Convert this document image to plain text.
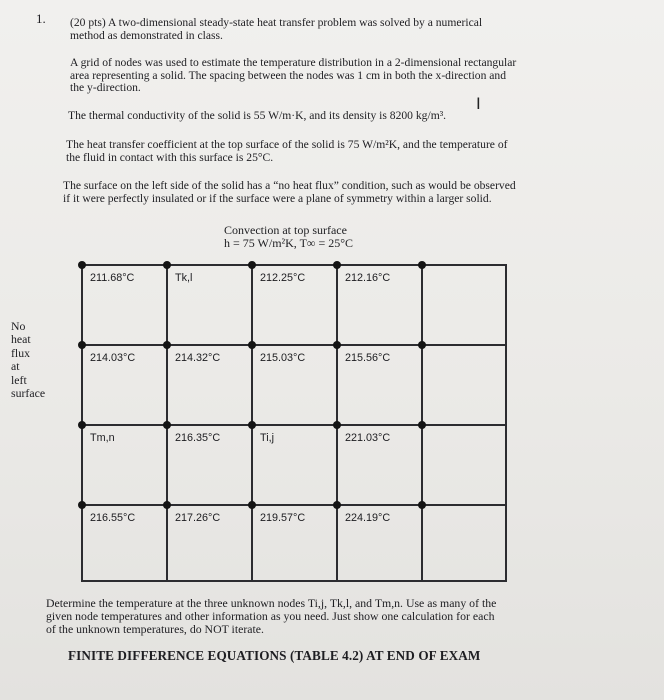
1. (20 pts) A two-dimensional steady-state heat transfer problem was solved by a numerical
method as demonstrated in class.
A grid of nodes was used to estimate the temperature distribution in a 2-dimensional rectangular
area representing a solid. The spacing between the nodes was 1 cm in both the x-direction and
the y-direction.
The thermal conductivity of the solid is 55 W/m·K, and its density is 8200 kg/m³.
I
The heat transfer coefficient at the top surface of the solid is 75 W/m²K, and the temperature of
the fluid in contact with this surface is 25°C.
The surface on the left side of the solid has a “no heat flux” condition, such as would be observed
if it were perfectly insulated or if the surface were a plane of symmetry within a larger solid.
Convection at top surface
h = 75 W/m²K, T∞ = 25°C
No
heat
flux
at
left
surface
211.68°C	Tk,l	212.25°C	212.16°C
214.03°C	214.32°C	215.03°C	215.56°C
Tm,n	216.35°C	Ti,j	221.03°C
216.55°C	217.26°C	219.57°C	224.19°C
Determine the temperature at the three unknown nodes Ti,j, Tk,l, and Tm,n. Use as many of the
given node temperatures and other information as you need. Just show one calculation for each
of the unknown temperatures, do NOT iterate.
FINITE DIFFERENCE EQUATIONS (TABLE 4.2) AT END OF EXAM
